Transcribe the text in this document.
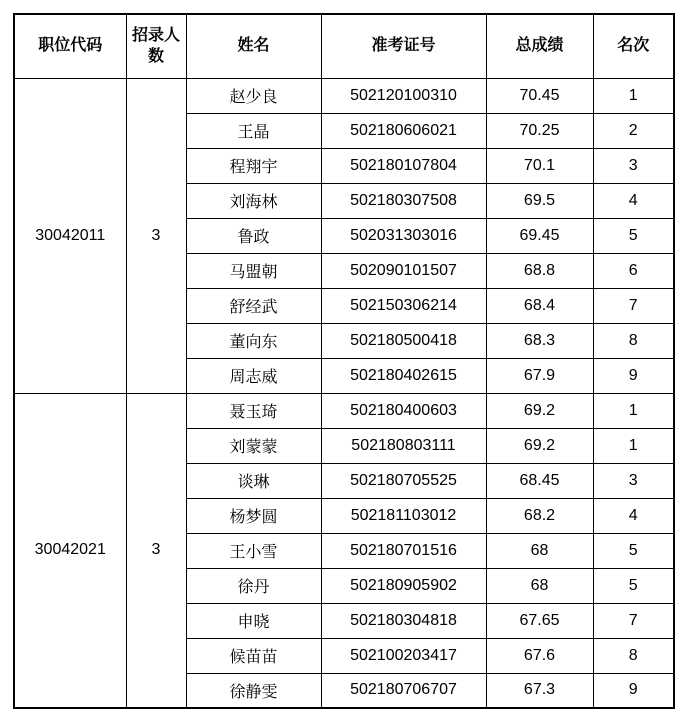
职位代码	招录人数	姓名	准考证号	总成绩	名次
30042011	3	赵少良	502120100310	70.45	1
		王晶	502180606021	70.25	2
		程翔宇	502180107804	70.1	3
		刘海林	502180307508	69.5	4
		鲁政	502031303016	69.45	5
		马盟朝	502090101507	68.8	6
		舒经武	502150306214	68.4	7
		董向东	502180500418	68.3	8
		周志威	502180402615	67.9	9
30042021	3	聂玉琦	502180400603	69.2	1
		刘蒙蒙	502180803111	69.2	1
		谈琳	502180705525	68.45	3
		杨梦圆	502181103012	68.2	4
		王小雪	502180701516	68	5
		徐丹	502180905902	68	5
		申晓	502180304818	67.65	7
		候苗苗	502100203417	67.6	8
		徐静雯	502180706707	67.3	9
